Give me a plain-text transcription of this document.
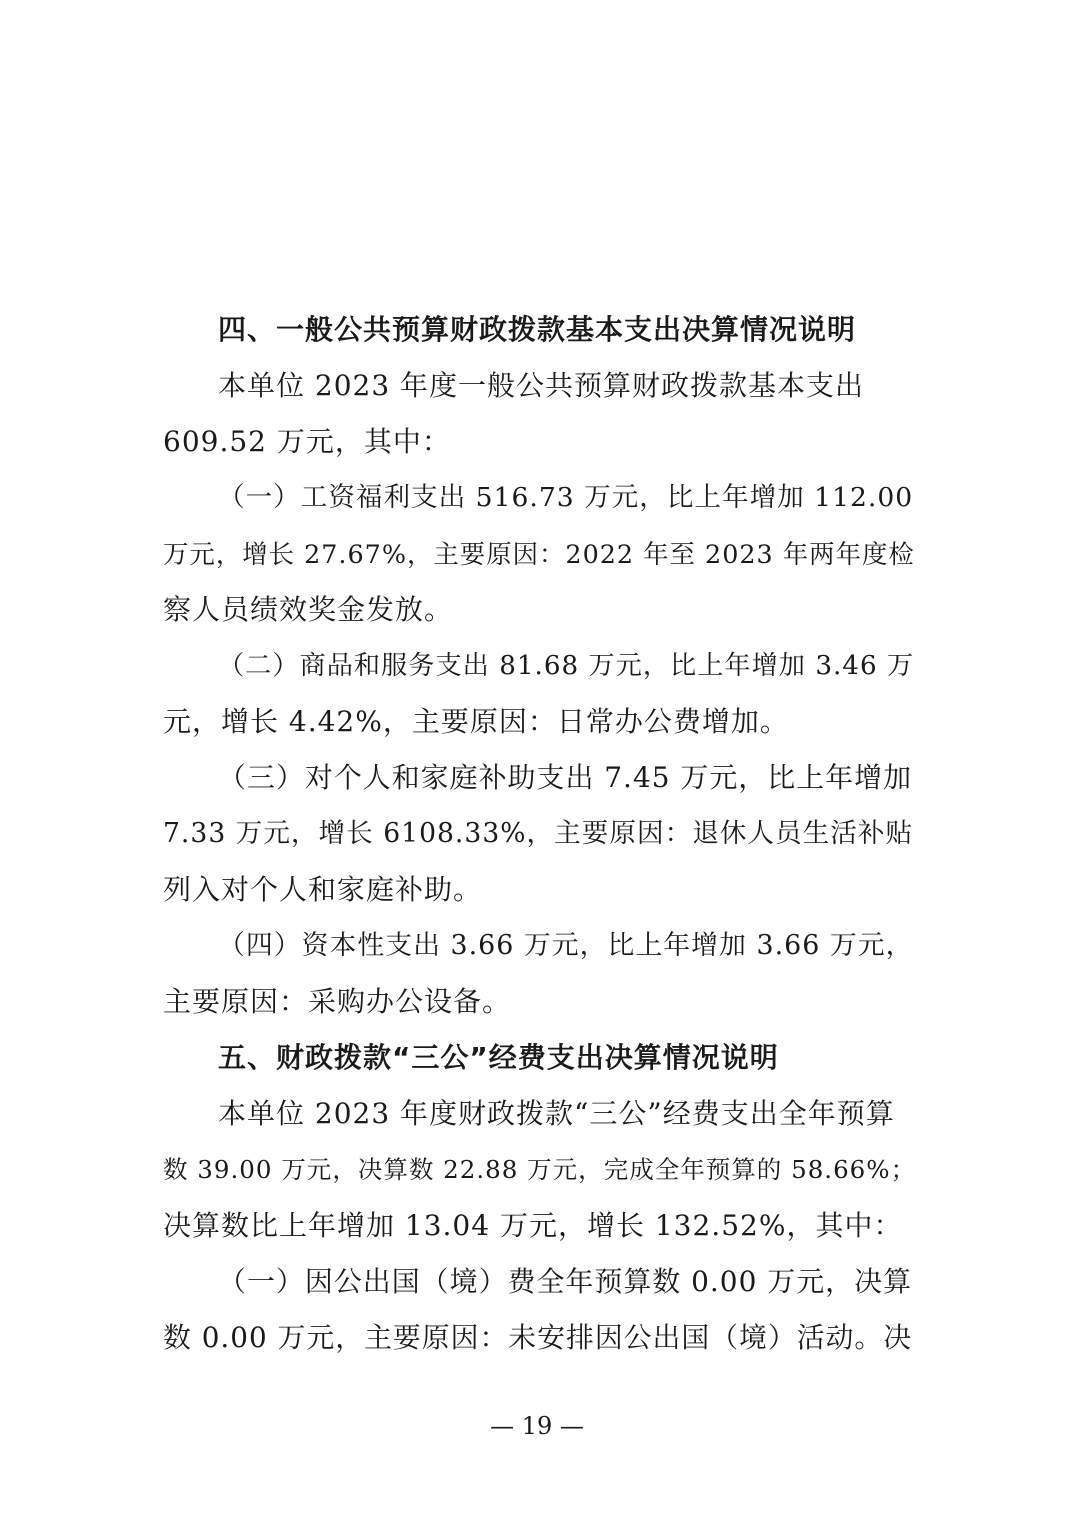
四、一般公共预算财政拨款基本支出决算情况说明
本单位 2023 年度一般公共预算财政拨款基本支出
609.52 万元，其中：
（一）工资福利支出 516.73 万元，比上年增加 112.00
万元，增长 27.67%，主要原因：2022 年至 2023 年两年度检
察人员绩效奖金发放。
（二）商品和服务支出 81.68 万元，比上年增加 3.46 万
元，增长 4.42%，主要原因：日常办公费增加。
（三）对个人和家庭补助支出 7.45 万元，比上年增加
7.33 万元，增长 6108.33%，主要原因：退休人员生活补贴
列入对个人和家庭补助。
（四）资本性支出 3.66 万元，比上年增加 3.66 万元，
主要原因：采购办公设备。
五、财政拨款“三公”经费支出决算情况说明
本单位 2023 年度财政拨款“三公”经费支出全年预算
数 39.00 万元，决算数 22.88 万元，完成全年预算的 58.66%；
决算数比上年增加 13.04 万元，增长 132.52%，其中：
（一）因公出国（境）费全年预算数 0.00 万元，决算
数 0.00 万元，主要原因：未安排因公出国（境）活动。决
— 19 —
